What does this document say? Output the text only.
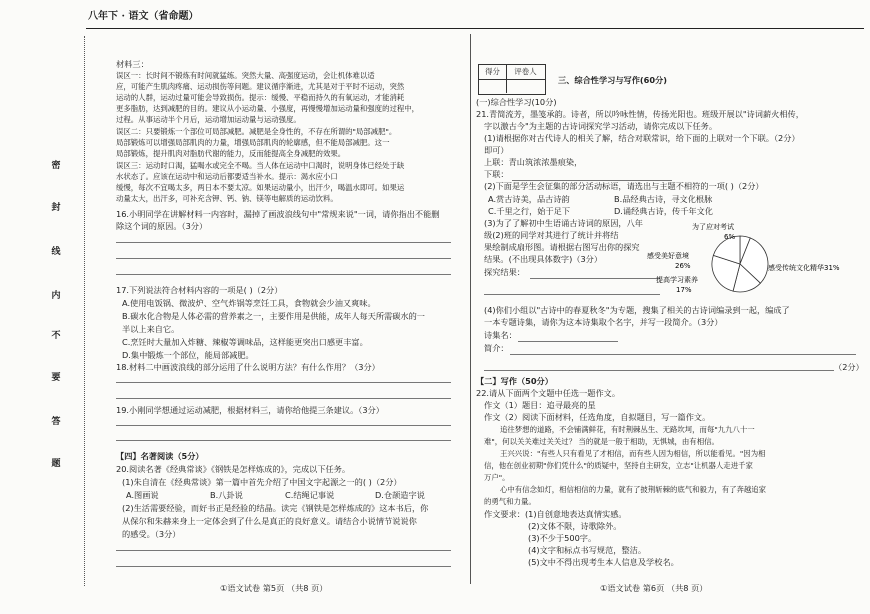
八年下 · 语文（省命题）
密
封
线
内
不
要
答
题
材料三：
误区一：长时间不锻炼有时间就猛练。突然大量、高强度运动，会让机体难以适
应，可能产生肌肉疼痛、运动损伤等问题。建议循序渐进，尤其是对于平时不运动，突然
运动的人群，运动过量可能会导致损伤。提示：缓慢、平稳而持久的有氧运动，才能消耗
更多脂肪，达到减肥的目的。建议从小运动量、小强度，再慢慢增加运动量和强度的过程中，
过程。从事运动半个月后，运动增加运动量与运动强度。
误区二：只要锻炼一个部位可局部减肥。减肥是全身性的，不存在所谓的"局部减肥"。
局部锻炼可以增强局部肌肉的力量，增强局部肌肉的轮廓感，但不能局部减肥。这一
局部锻炼，提升肌肉对脂肪代谢的能力，反而能提高全身减肥的效果。
误区三：运动时口渴，猛喝水或完全不喝。当人体在运动中口渴时，说明身体已经处于缺
水状态了。应该在运动中和运动后都要适当补水。提示：渴水应小口
缓慢，每次不宜喝太多，两日本不要太凉。如果运动量小，出汗少，喝温水即可。如果运
动量太大，出汗多，可补充含钾、钙、钠、镁等电解质的运动饮料。
16.小明同学在讲解材料一内容时，漏掉了画波浪线句中"常规来说"一词，请你指出不能删
除这个词的原因。（3分）
17.下列说法符合材料内容的一项是( )（2分）
A.使用电饭锅、微波炉、空气炸锅等烹饪工具，食物就会少油又爽味。
B.碳水化合物是人体必需的营养素之一，主要作用是供能，成年人每天所需碳水的一
半以上来自它。
C.烹饪时大量加入炸糖、辣椒等调味品，这样能更突出口感更丰富。
D.集中锻炼一个部位，能局部减肥。
18.材料二中画波浪线的部分运用了什么说明方法？有什么作用？（3分）
19.小刚同学想通过运动减肥，根据材料三，请你给他提三条建议。（3分）
【四】名著阅读（5分）
20.阅读名著《经典常谈》《钢铁是怎样炼成的》，完成以下任务。
(1)朱自清在《经典常谈》第一篇中首先介绍了中国文字起源之一的( )（2分）
A.图画说	B.八卦说	C.结绳记事说	D.仓颉造字说
(2)生活需要经验，而好书正是经验的结晶。读完《钢铁是怎样炼成的》这本书后，你
从保尔和朱赫来身上一定体会到了什么是真正的良好意义。请结合小说情节说说你
的感受。（3分）
①语文试卷 第5页 （共8 页）
得分	评卷人
三、综合性学习与写作(60分)
(一)综合性学习(10分)
21.青简流芳，墨笺承韵。诗者，所以吟咏性情，传扬光阳也。班级开展以"诗词薪火相传，
字以激古今"为主题的古诗词探究学习活动，请你完成以下任务。
(1)请根据你对古代诗人的相关了解，结合对联常识，给下面的上联对一个下联。（2分）
即可）
上联：青山筑浓浓墨痕染，
下联：
(2)下面是学生会征集的部分活动标语，请选出与主题不相符的一项( )（2分）
A.赏古诗美，品古诗韵	B.品经典古诗，寻文化根脉
C.千里之行，始于足下	D.诵经典古诗，传千年文化
(3)为了了解初中生语诵古诗词的原因，八年
级(2)班的同学对其进行了统计并将结
果绘制成扇形图。请根据右图写出你的探究
结果。(不出现具体数字)（3分）
探究结果：
为了应对考试
6%
感受美好意境
26%	感受传统文化精华31%
提高学习素养
17%
(4)你们小组以"古诗中的春夏秋冬"为专题，搜集了相关的古诗词编录到一起，编成了
一本专题诗集，请你为这本诗集取个名字，并写一段简介。（3分）
诗集名：
简介：
（2分）
【二】写作（50分）
22.请从下面两个文题中任选一题作文。
作文（1）题目：追寻最亮的星
作文（2）阅读下面材料，任选角度，自拟题目，写一篇作文。
追往梦想的道路，不会铺满鲜花，有时荆棘丛生、无路坎坷，而每"九九八十一
难"，何以关关难过关关过？ 当的就是一般于相助，无惧城，由有相信。
王兴兴说："有些人只有看见了才相信，而有些人因为相信，所以能看见。"因为相
信，他在创业初期"你们凭什么"的质疑中，坚持自主研发，立志"让机器人走进千家
万户"。
心中有信念如灯，相信相信的力量，就有了披荆斩棘的底气和毅力，有了奔越追家
的勇气和力量。
作文要求：(1)自创意地表达真情实感。
(2)文体不限，诗歌除外。
(3)不少于500字。
(4)文字和标点书写规范，整洁。
(5)文中不得出现考生本人信息及学校名。
①语文试卷 第6页 （共8 页）
